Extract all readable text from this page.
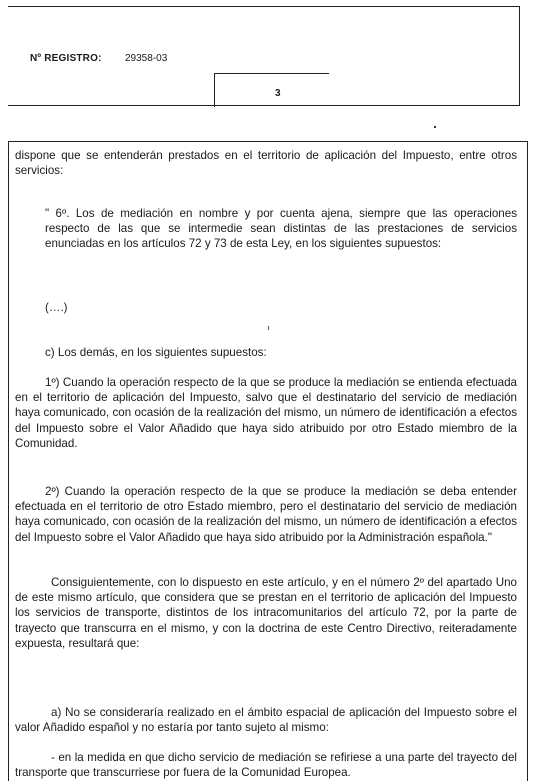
Nº REGISTRO: 29358-03
3

dispone que se entenderán prestados en el territorio de aplicación del Impuesto, entre otros servicios:

" 6º. Los de mediación en nombre y por cuenta ajena, siempre que las operaciones respecto de las que se intermedie sean distintas de las prestaciones de servicios enunciadas en los artículos 72 y 73 de esta Ley, en los siguientes supuestos:

(….)

c) Los demás, en los siguientes supuestos:

1º) Cuando la operación respecto de la que se produce la mediación se entienda efectuada en el territorio de aplicación del Impuesto, salvo que el destinatario del servicio de mediación haya comunicado, con ocasión de la realización del mismo, un número de identificación a efectos del Impuesto sobre el Valor Añadido que haya sido atribuido por otro Estado miembro de la Comunidad.

2º) Cuando la operación respecto de la que se produce la mediación se deba entender efectuada en el territorio de otro Estado miembro, pero el destinatario del servicio de mediación haya comunicado, con ocasión de la realización del mismo, un número de identificación a efectos del Impuesto sobre el Valor Añadido que haya sido atribuido por la Administración española."

Consiguientemente, con lo dispuesto en este artículo, y en el número 2º del apartado Uno de este mismo artículo, que considera que se prestan en el territorio de aplicación del Impuesto los servicios de transporte, distintos de los intracomunitarios del artículo 72, por la parte de trayecto que transcurra en el mismo, y con la doctrina de este Centro Directivo, reiteradamente expuesta, resultará que:

a) No se consideraría realizado en el ámbito espacial de aplicación del Impuesto sobre el valor Añadido español y no estaría por tanto sujeto al mismo:

- en la medida en que dicho servicio de mediación se refiriese a una parte del trayecto del transporte que transcurriese por fuera de la Comunidad Europea.
